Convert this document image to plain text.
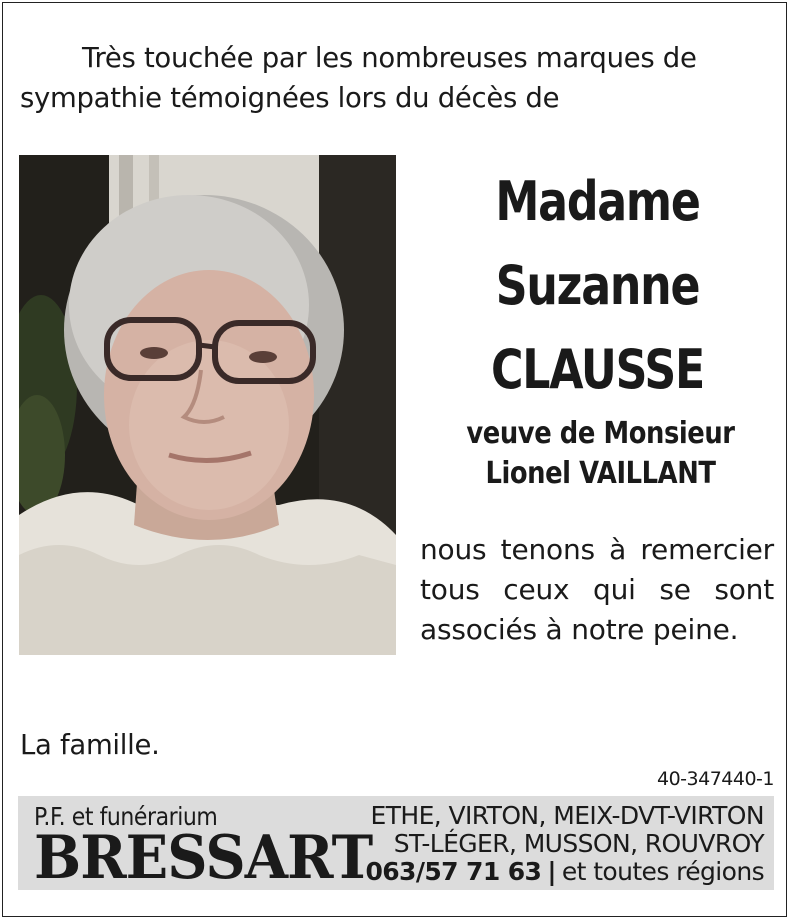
Très touchée par les nombreuses marques de sympathie témoignées lors du décès de

Madame
Suzanne
CLAUSSE
veuve de Monsieur
Lionel VAILLANT

nous tenons à remercier tous ceux qui se sont associés à notre peine.

La famille.
40-347440-1
P.F. et funérarium
BRESSART
ETHE, VIRTON, MEIX-DVT-VIRTON
ST-LÉGER, MUSSON, ROUVROY
063/57 71 63 | et toutes régions
